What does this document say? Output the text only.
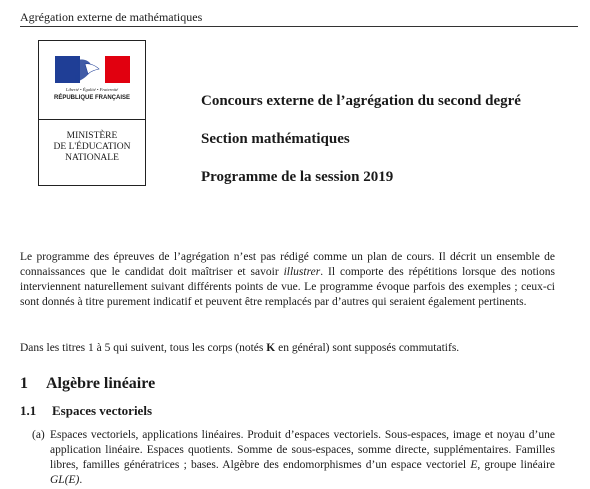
Agrégation externe de mathématiques
Liberté • Égalité • Fraternité
RÉPUBLIQUE FRANÇAISE
MINISTÈRE
DE L'ÉDUCATION
NATIONALE
Concours externe de l’agrégation du second degré
Section mathématiques
Programme de la session 2019
Le programme des épreuves de l’agrégation n’est pas rédigé comme un plan de cours. Il décrit un ensemble de connaissances que le candidat doit maîtriser et savoir illustrer. Il comporte des répétitions lorsque des notions interviennent naturellement suivant différents points de vue. Le programme évoque parfois des exemples ; ceux-ci sont donnés à titre purement indicatif et peuvent être remplacés par d’autres qui seraient également pertinents.
Dans les titres 1 à 5 qui suivent, tous les corps (notés K en général) sont supposés commutatifs.
1 Algèbre linéaire
1.1 Espaces vectoriels
(a) Espaces vectoriels, applications linéaires. Produit d’espaces vectoriels. Sous-espaces, image et noyau d’une application linéaire. Espaces quotients. Somme de sous-espaces, somme directe, supplémentaires. Familles libres, familles génératrices ; bases. Algèbre des endomorphismes d’un espace vectoriel E, groupe linéaire GL(E).
